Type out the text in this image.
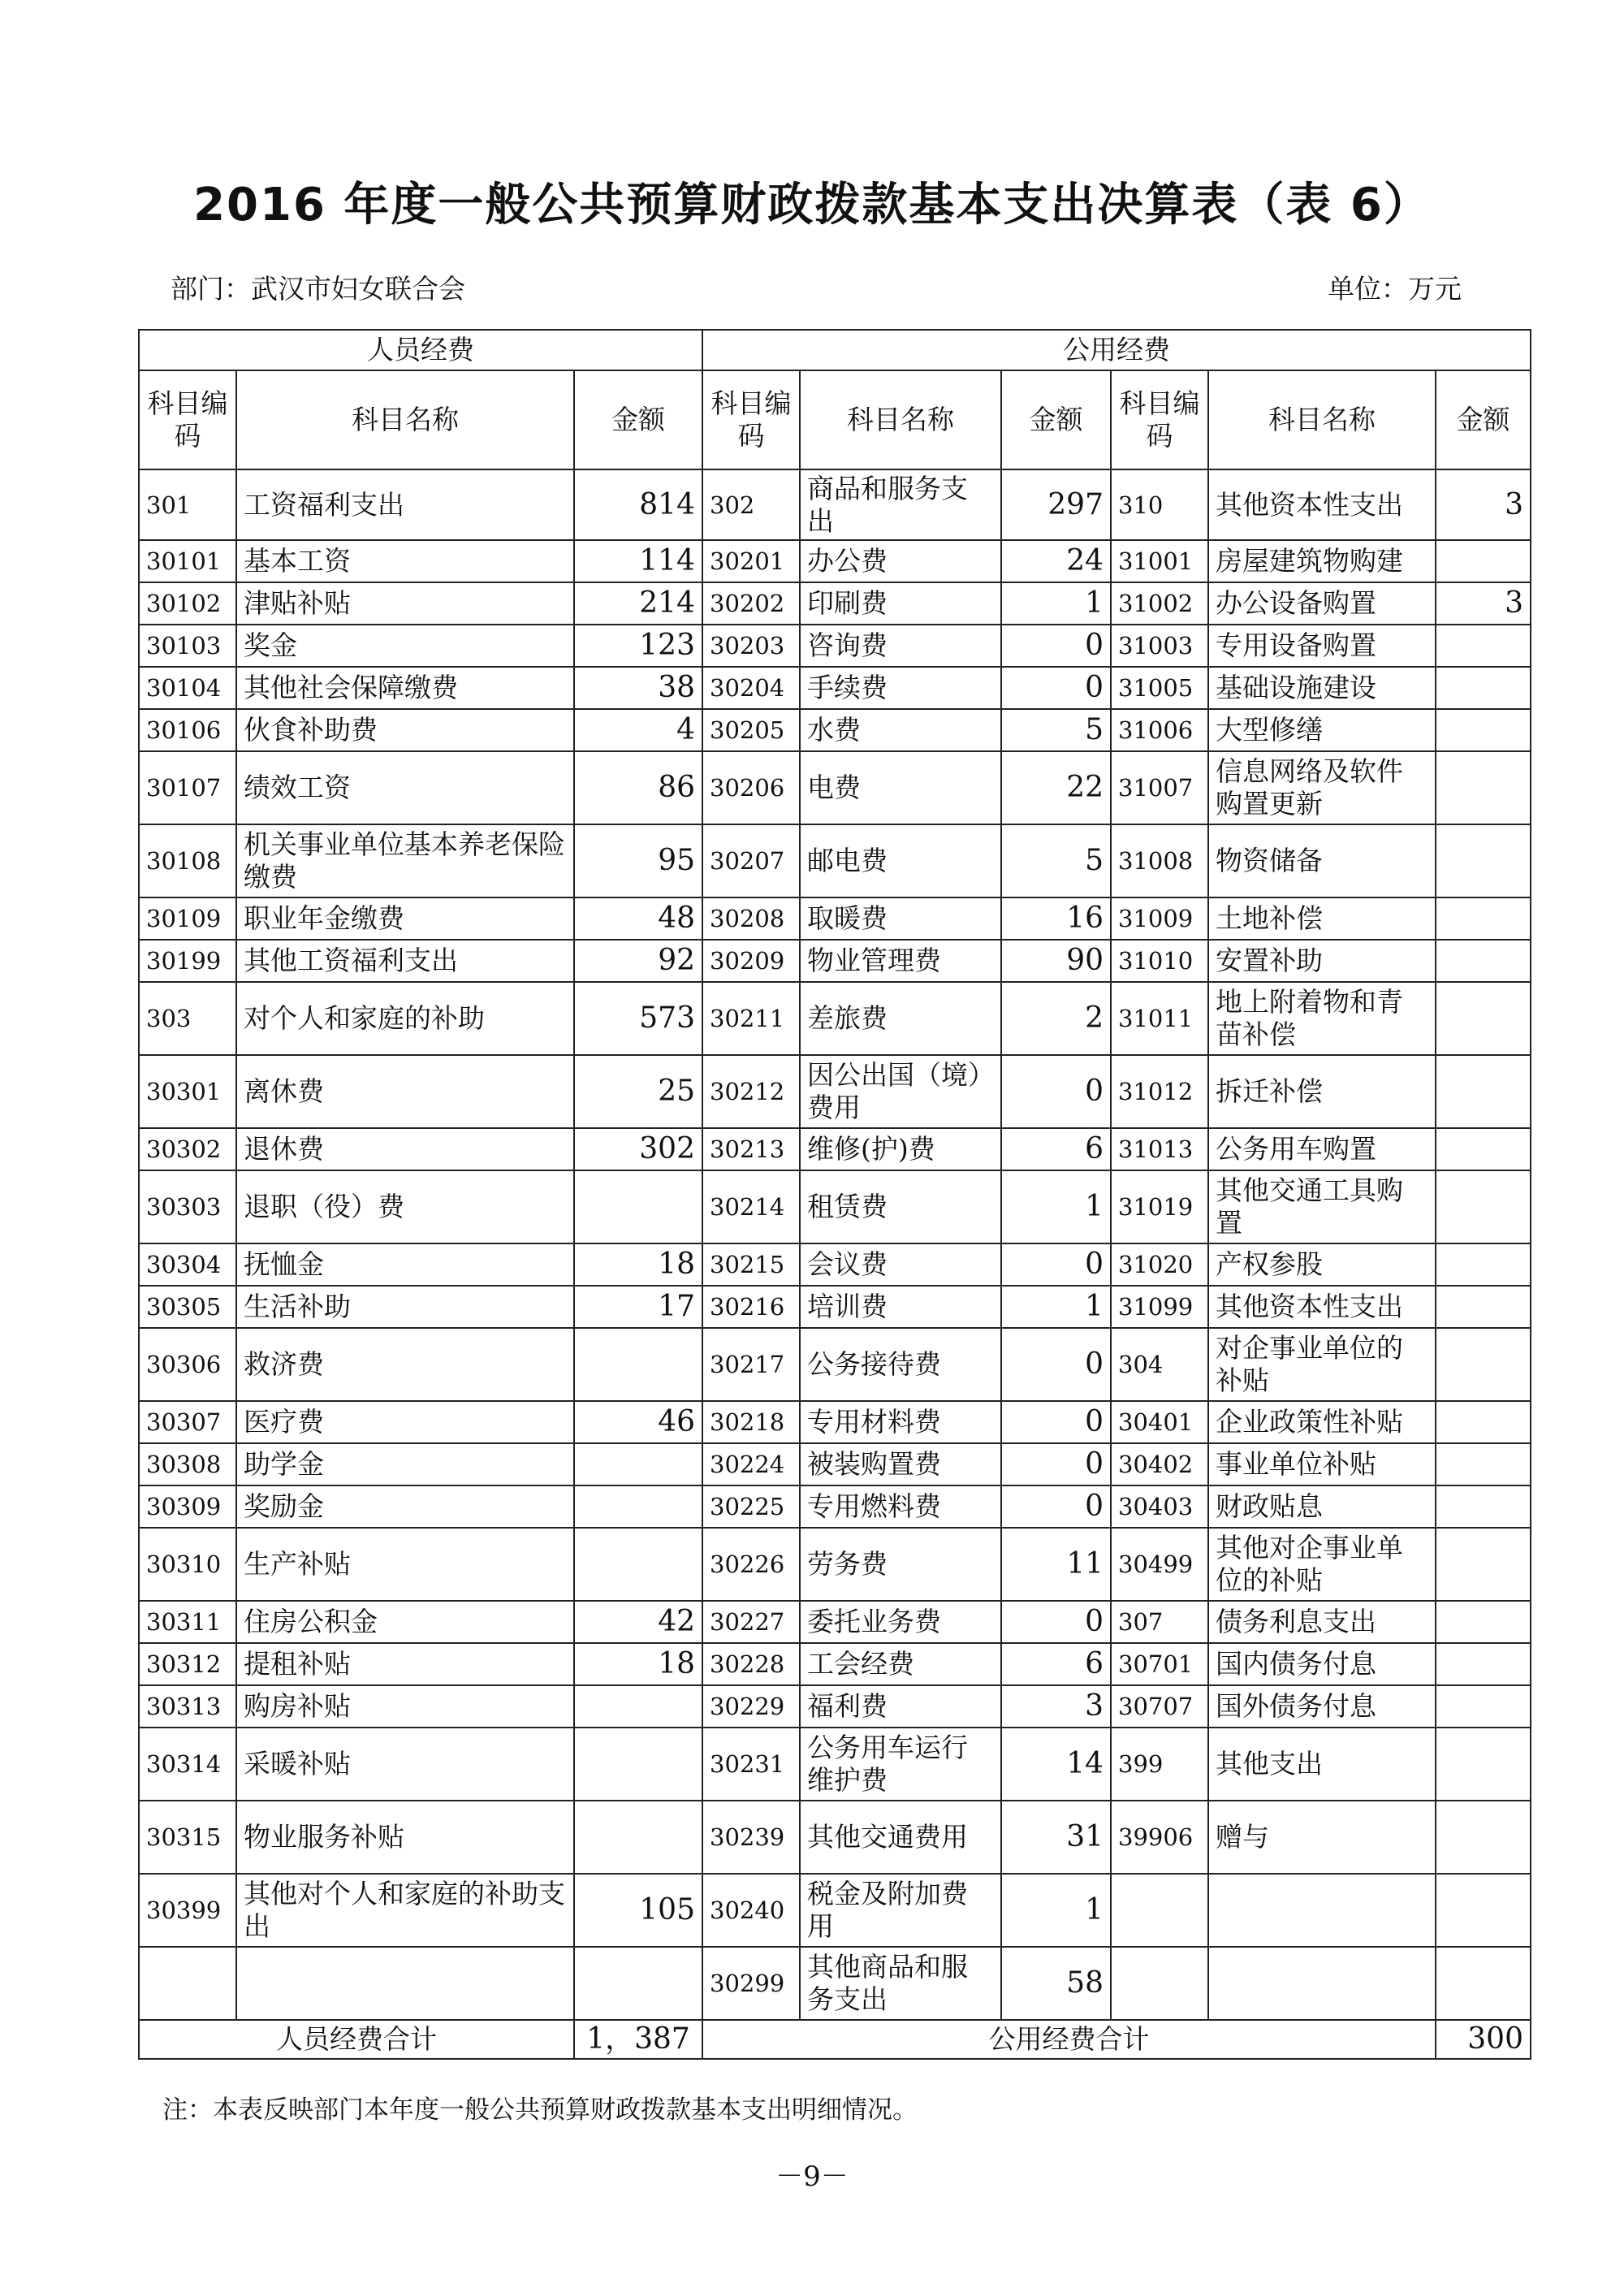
2016 年度一般公共预算财政拨款基本支出决算表（表 6）
部门：武汉市妇女联合会	单位：万元
人员经费			公用经费					
科目编码	科目名称	金额	科目编码	科目名称	金额	科目编码	科目名称	金额
301	工资福利支出	814	302	商品和服务支出	297	310	其他资本性支出	3
30101	基本工资	114	30201	办公费	24	31001	房屋建筑物购建	
30102	津贴补贴	214	30202	印刷费	1	31002	办公设备购置	3
30103	奖金	123	30203	咨询费	0	31003	专用设备购置	
30104	其他社会保障缴费	38	30204	手续费	0	31005	基础设施建设	
30106	伙食补助费	4	30205	水费	5	31006	大型修缮	
30107	绩效工资	86	30206	电费	22	31007	信息网络及软件购置更新	
30108	机关事业单位基本养老保险缴费	95	30207	邮电费	5	31008	物资储备	
30109	职业年金缴费	48	30208	取暖费	16	31009	土地补偿	
30199	其他工资福利支出	92	30209	物业管理费	90	31010	安置补助	
303	对个人和家庭的补助	573	30211	差旅费	2	31011	地上附着物和青苗补偿	
30301	离休费	25	30212	因公出国（境）费用	0	31012	拆迁补偿	
30302	退休费	302	30213	维修(护)费	6	31013	公务用车购置	
30303	退职（役）费		30214	租赁费	1	31019	其他交通工具购置	
30304	抚恤金	18	30215	会议费	0	31020	产权参股	
30305	生活补助	17	30216	培训费	1	31099	其他资本性支出	
30306	救济费		30217	公务接待费	0	304	对企事业单位的补贴	
30307	医疗费	46	30218	专用材料费	0	30401	企业政策性补贴	
30308	助学金		30224	被装购置费	0	30402	事业单位补贴	
30309	奖励金		30225	专用燃料费	0	30403	财政贴息	
30310	生产补贴		30226	劳务费	11	30499	其他对企事业单位的补贴	
30311	住房公积金	42	30227	委托业务费	0	307	债务利息支出	
30312	提租补贴	18	30228	工会经费	6	30701	国内债务付息	
30313	购房补贴		30229	福利费	3	30707	国外债务付息	
30314	采暖补贴		30231	公务用车运行维护费	14	399	其他支出	
30315	物业服务补贴		30239	其他交通费用	31	39906	赠与	
30399	其他对个人和家庭的补助支出	105	30240	税金及附加费用	1			
			30299	其他商品和服务支出	58			
人员经费合计		1，387	公用经费合计					300
注：本表反映部门本年度一般公共预算财政拨款基本支出明细情况。
－9－
